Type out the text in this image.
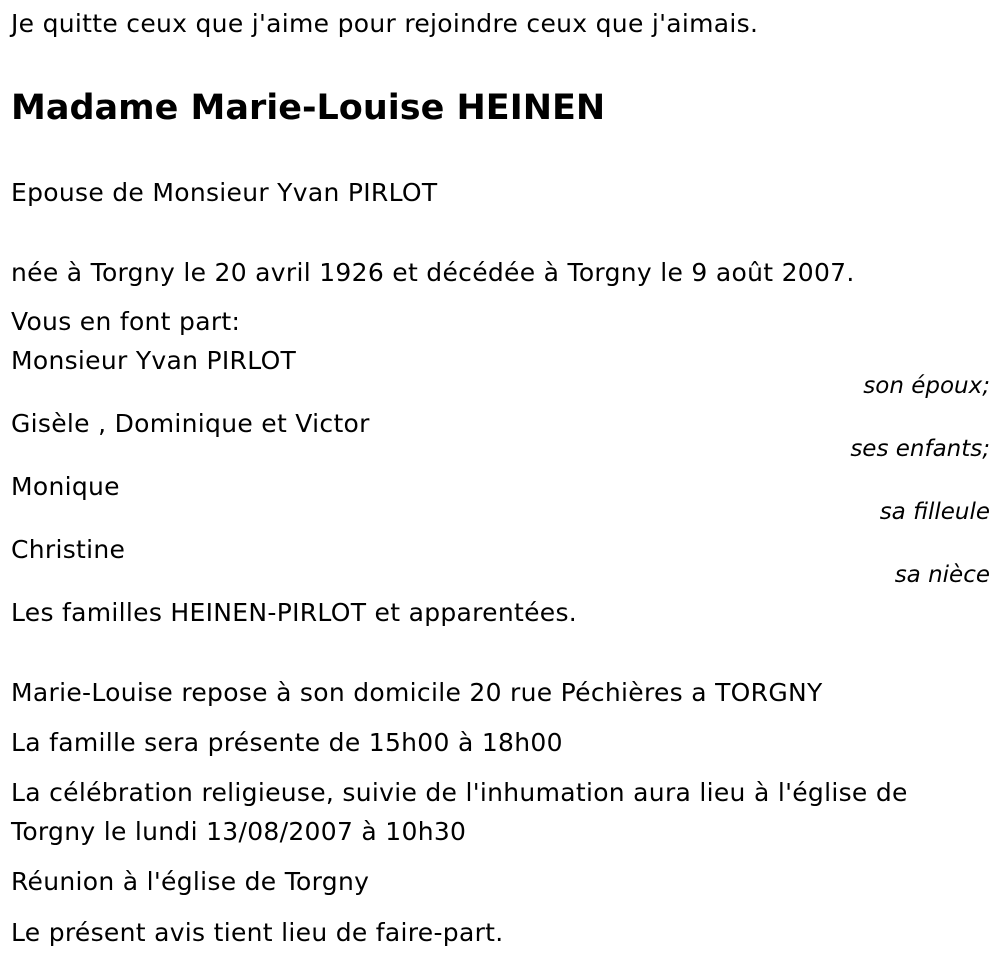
Je quitte ceux que j'aime pour rejoindre ceux que j'aimais.
Madame Marie-Louise HEINEN
Epouse de Monsieur Yvan PIRLOT
née à Torgny le 20 avril 1926 et décédée à Torgny le 9 août 2007.
Vous en font part:
Monsieur Yvan PIRLOT
son époux;
Gisèle , Dominique et Victor
ses enfants;
Monique
sa filleule
Christine
sa nièce
Les familles HEINEN-PIRLOT et apparentées.
Marie-Louise repose à son domicile 20 rue Péchières a TORGNY
La famille sera présente de 15h00 à 18h00
La célébration religieuse, suivie de l'inhumation aura lieu à l'église de
Torgny le lundi 13/08/2007 à 10h30
Réunion à l'église de Torgny
Le présent avis tient lieu de faire-part.
